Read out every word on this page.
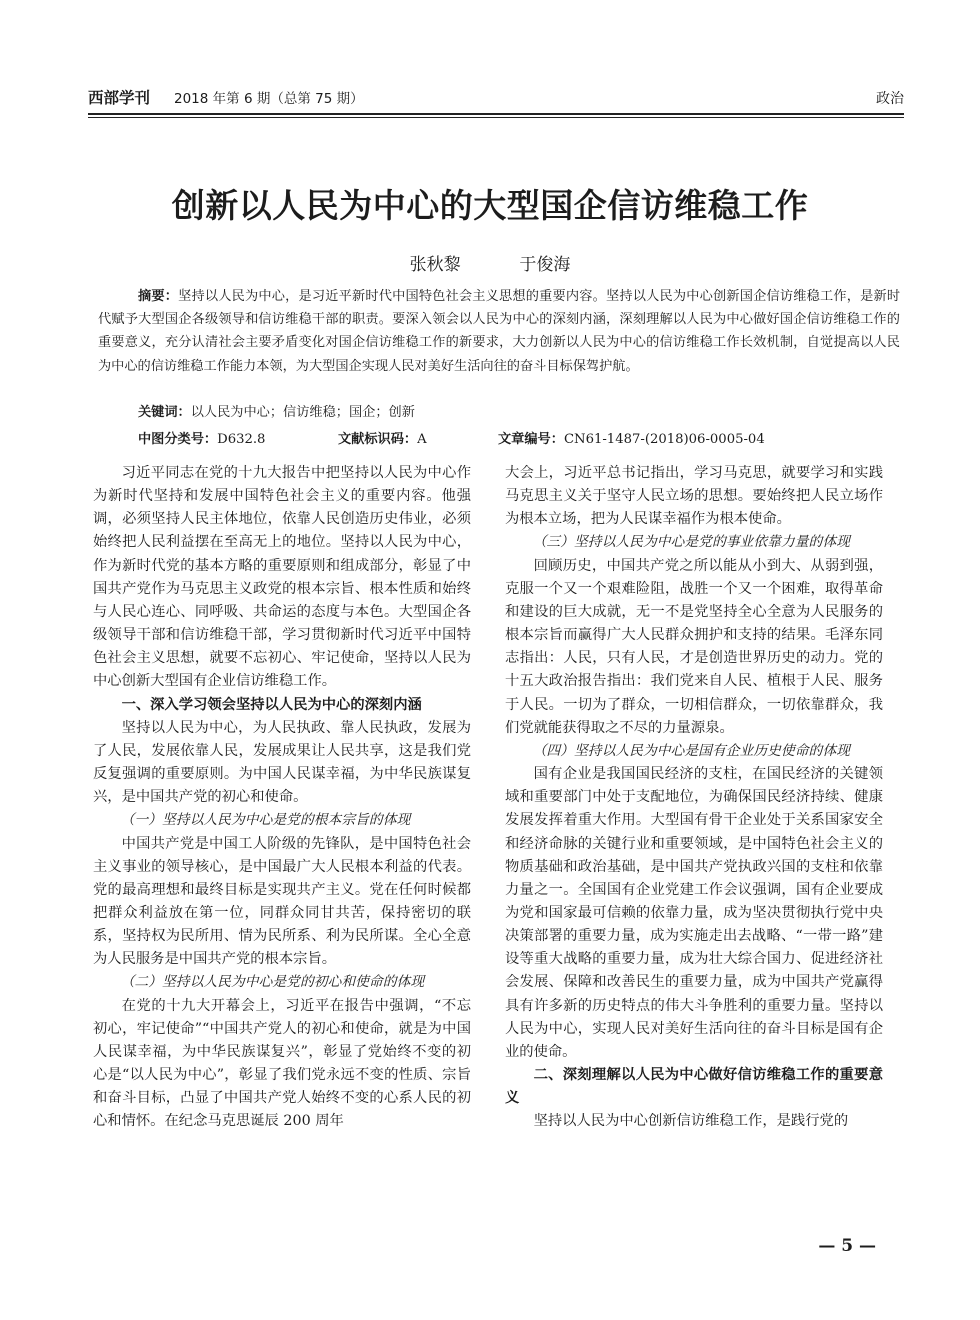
西部学刊 2018 年第 6 期（总第 75 期）	政治
创新以人民为中心的大型国企信访维稳工作
张秋黎  于俊海
摘要：坚持以人民为中心，是习近平新时代中国特色社会主义思想的重要内容。坚持以人民为中心创新国企信访维稳工作，是新时代赋予大型国企各级领导和信访维稳干部的职责。要深入领会以人民为中心的深刻内涵，深刻理解以人民为中心做好国企信访维稳工作的重要意义，充分认清社会主要矛盾变化对国企信访维稳工作的新要求，大力创新以人民为中心的信访维稳工作长效机制，自觉提高以人民为中心的信访维稳工作能力本领，为大型国企实现人民对美好生活向往的奋斗目标保驾护航。
关键词：以人民为中心；信访维稳；国企；创新
中图分类号：D632.8	文献标识码：A	文章编号：CN61-1487-(2018)06-0005-04

习近平同志在党的十九大报告中把坚持以人民为中心作为新时代坚持和发展中国特色社会主义的重要内容。他强调，必须坚持人民主体地位，依靠人民创造历史伟业，必须始终把人民利益摆在至高无上的地位。坚持以人民为中心，作为新时代党的基本方略的重要原则和组成部分，彰显了中国共产党作为马克思主义政党的根本宗旨、根本性质和始终与人民心连心、同呼吸、共命运的态度与本色。大型国企各级领导干部和信访维稳干部，学习贯彻新时代习近平中国特色社会主义思想，就要不忘初心、牢记使命，坚持以人民为中心创新大型国有企业信访维稳工作。

一、深入学习领会坚持以人民为中心的深刻内涵

坚持以人民为中心，为人民执政、靠人民执政，发展为了人民，发展依靠人民，发展成果让人民共享，这是我们党反复强调的重要原则。为中国人民谋幸福，为中华民族谋复兴，是中国共产党的初心和使命。

（一）坚持以人民为中心是党的根本宗旨的体现

中国共产党是中国工人阶级的先锋队，是中国特色社会主义事业的领导核心，是中国最广大人民根本利益的代表。党的最高理想和最终目标是实现共产主义。党在任何时候都把群众利益放在第一位，同群众同甘共苦，保持密切的联系，坚持权为民所用、情为民所系、利为民所谋。全心全意为人民服务是中国共产党的根本宗旨。

（二）坚持以人民为中心是党的初心和使命的体现

在党的十九大开幕会上，习近平在报告中强调，“不忘初心，牢记使命”“中国共产党人的初心和使命，就是为中国人民谋幸福，为中华民族谋复兴”，彰显了党始终不变的初心是“以人民为中心”，彰显了我们党永远不变的性质、宗旨和奋斗目标，凸显了中国共产党人始终不变的心系人民的初心和情怀。在纪念马克思诞辰 200 周年

大会上，习近平总书记指出，学习马克思，就要学习和实践马克思主义关于坚守人民立场的思想。要始终把人民立场作为根本立场，把为人民谋幸福作为根本使命。

（三）坚持以人民为中心是党的事业依靠力量的体现

回顾历史，中国共产党之所以能从小到大、从弱到强，克服一个又一个艰难险阻，战胜一个又一个困难，取得革命和建设的巨大成就，无一不是党坚持全心全意为人民服务的根本宗旨而赢得广大人民群众拥护和支持的结果。毛泽东同志指出：人民，只有人民，才是创造世界历史的动力。党的十五大政治报告指出：我们党来自人民、植根于人民、服务于人民。一切为了群众，一切相信群众，一切依靠群众，我们党就能获得取之不尽的力量源泉。

（四）坚持以人民为中心是国有企业历史使命的体现

国有企业是我国国民经济的支柱，在国民经济的关键领域和重要部门中处于支配地位，为确保国民经济持续、健康发展发挥着重大作用。大型国有骨干企业处于关系国家安全和经济命脉的关键行业和重要领域，是中国特色社会主义的物质基础和政治基础，是中国共产党执政兴国的支柱和依靠力量之一。全国国有企业党建工作会议强调，国有企业要成为党和国家最可信赖的依靠力量，成为坚决贯彻执行党中央决策部署的重要力量，成为实施走出去战略、“一带一路”建设等重大战略的重要力量，成为壮大综合国力、促进经济社会发展、保障和改善民生的重要力量，成为中国共产党赢得具有许多新的历史特点的伟大斗争胜利的重要力量。坚持以人民为中心，实现人民对美好生活向往的奋斗目标是国有企业的使命。

二、深刻理解以人民为中心做好信访维稳工作的重要意义

坚持以人民为中心创新信访维稳工作，是践行党的

— 5 —
